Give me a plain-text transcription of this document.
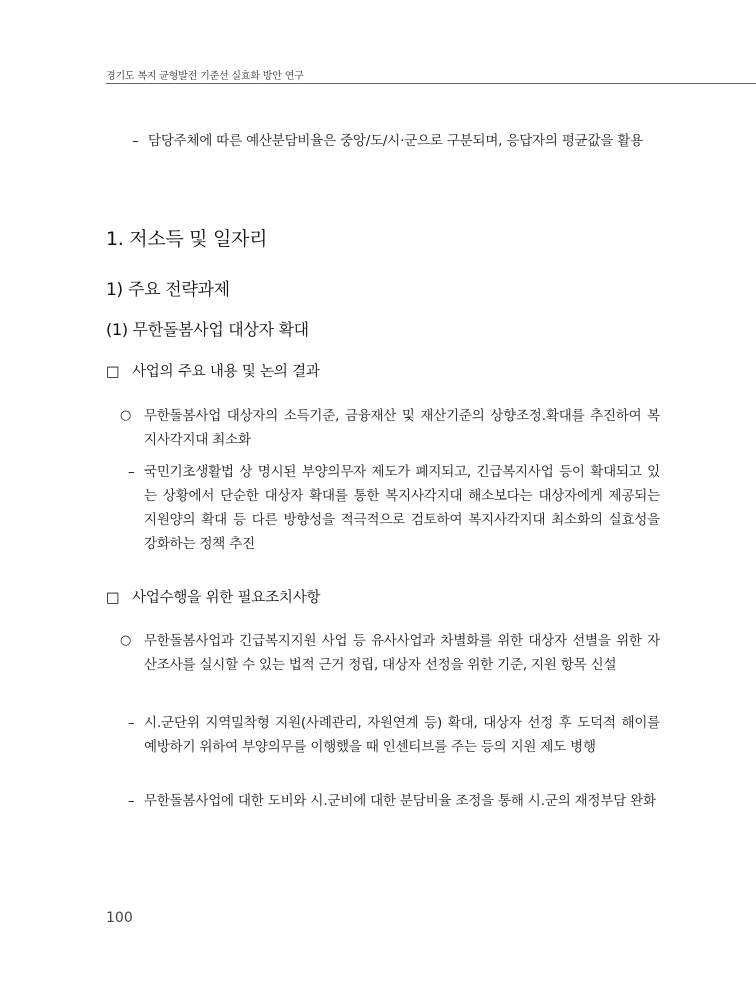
경기도 복지 균형발전 기준선 실효화 방안 연구
– 담당주체에 따른 예산분담비율은 중앙/도/시·군으로 구분되며, 응답자의 평균값을 활용
1. 저소득 및 일자리
1) 주요 전략과제
(1) 무한돌봄사업 대상자 확대
□ 사업의 주요 내용 및 논의 결과
○ 무한돌봄사업 대상자의 소득기준, 금융재산 및 재산기준의 상향조정․확대를 추진하여 복지사각지대 최소화
– 국민기초생활법 상 명시된 부양의무자 제도가 폐지되고, 긴급복지사업 등이 확대되고 있는 상황에서 단순한 대상자 확대를 통한 복지사각지대 해소보다는 대상자에게 제공되는 지원양의 확대 등 다른 방향성을 적극적으로 검토하여 복지사각지대 최소화의 실효성을 강화하는 정책 추진
□ 사업수행을 위한 필요조치사항
○ 무한돌봄사업과 긴급복지지원 사업 등 유사사업과 차별화를 위한 대상자 선별을 위한 자산조사를 실시할 수 있는 법적 근거 정립, 대상자 선정을 위한 기준, 지원 항목 신설
– 시․군단위 지역밀착형 지원(사례관리, 자원연계 등) 확대, 대상자 선정 후 도덕적 해이를 예방하기 위하여 부양의무를 이행했을 때 인센티브를 주는 등의 지원 제도 병행
– 무한돌봄사업에 대한 도비와 시․군비에 대한 분담비율 조정을 통해 시․군의 재정부담 완화
100
